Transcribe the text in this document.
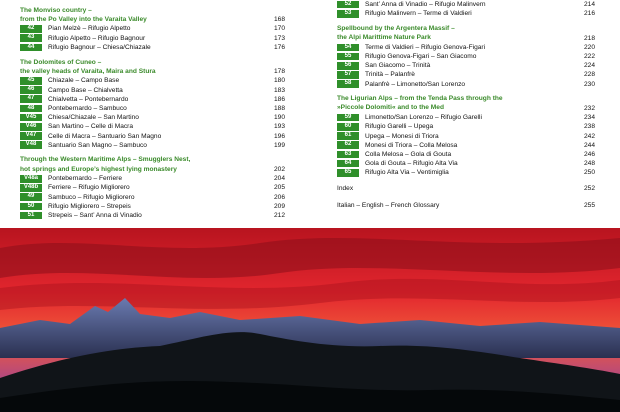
The Monviso country –
from the Po Valley into the Varaita Valley	168
42	Pian Melzè – Rifugio Alpetto	170
43	Rifugio Alpetto – Rifugio Bagnour	173
44	Rifugio Bagnour – Chiesa/Chiazale	176
The Dolomites of Cuneo –
the valley heads of Varaita, Maira and Stura	178
45	Chiazale – Campo Base	180
46	Campo Base – Chialvetta	183
47	Chialvetta – Pontebernardo	186
48	Pontebernardo – Sambuco	188
V45	Chiesa/Chiazale – San Martino	190
V46	San Martino – Celle di Macra	193
V47	Celle di Macra – Santuario San Magno	196
V48	Santuario San Magno – Sambuco	199
Through the Western Maritime Alps – Smugglers Nest,
hot springs and Europe’s highest lying monastery	202
V48a	Pontebernardo – Ferriere	204
V48b	Ferriere – Rifugio Migliorero	205
49	Sambuco – Rifugio Migliorero	206
50	Rifugio Migliorero – Strepeis	209
51	Strepeis – Sant’ Anna di Vinadio	212
52	Sant’ Anna di Vinadio – Rifugio Malinvern	214
53	Rifugio Malinvern – Terme di Valdieri	216
Spellbound by the Argentera Massif –
the Alpi Marittime Nature Park	218
54	Terme di Valdieri – Rifugio Genova-Figari	220
55	Rifugio Genova-Figari – San Giacomo	222
56	San Giacomo – Trinità	224
57	Trinità – Palanfrè	228
58	Palanfrè – Limonetto/San Lorenzo	230
The Ligurian Alps – from the Tenda Pass through the
»Piccole Dolomiti« and to the Med	232
59	Limonetto/San Lorenzo – Rifugio Garelli	234
60	Rifugio Garelli – Upega	238
61	Upega – Monesi di Triora	242
62	Monesi di Triora – Colla Melosa	244
63	Colla Melosa – Gola di Gouta	246
64	Gola di Gouta – Rifugio Alta Via	248
65	Rifugio Alta Via – Ventimiglia	250
Index	252
Italian – English – French Glossary	255
